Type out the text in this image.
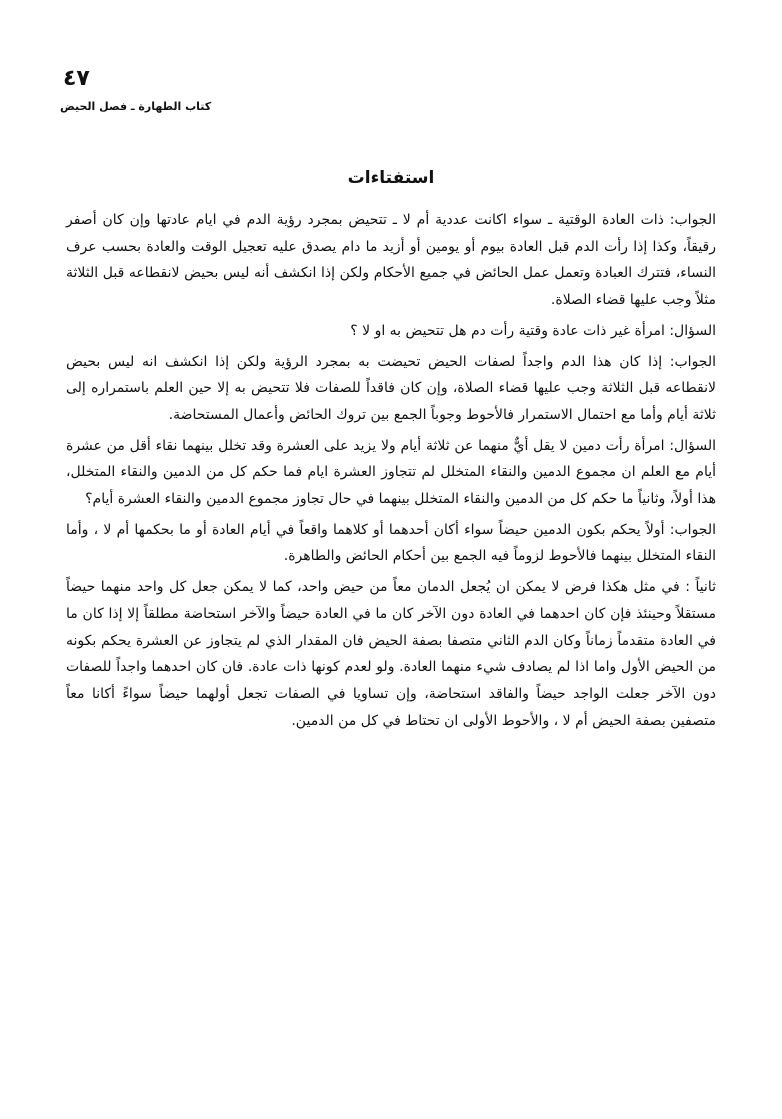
٤٧
كتاب الطهارة ـ فصل الحيض
استفتاءات

الجواب: ذات العادة الوقتية ـ سواء اكانت عددية أم لا ـ تتحيض بمجرد رؤية الدم في ايام عادتها وإن كان أصفر رقيقاً، وكذا إذا رأت الدم قبل العادة بيوم أو يومين أو أزيد ما دام يصدق عليه تعجيل الوقت والعادة بحسب عرف النساء، فتترك العبادة وتعمل عمل الحائض في جميع الأحكام ولكن إذا انكشف أنه ليس بحيض لانقطاعه قبل الثلاثة مثلاً وجب عليها قضاء الصلاة.

السؤال: امرأة غير ذات عادة وقتية رأت دم هل تتحيض به او لا ؟

الجواب: إذا كان هذا الدم واجداً لصفات الحيض تحيضت به بمجرد الرؤية ولكن إذا انكشف انه ليس بحيض لانقطاعه قبل الثلاثة وجب عليها قضاء الصلاة، وإن كان فاقداً للصفات فلا تتحيض به إلا حين العلم باستمراره إلى ثلاثة أيام وأما مع احتمال الاستمرار فالأحوط وجوباً الجمع بين تروك الحائض وأعمال المستحاضة.

السؤال: امرأة رأت دمين لا يقل أيٌّ منهما عن ثلاثة أيام ولا يزيد على العشرة وقد تخلل بينهما نقاء أقل من عشرة أيام مع العلم ان مجموع الدمين والنقاء المتخلل لم تتجاوز العشرة ايام فما حكم كل من الدمين والنقاء المتخلل، هذا أولاً، وثانياً ما حكم كل من الدمين والنقاء المتخلل بينهما في حال تجاوز مجموع الدمين والنقاء العشرة أيام؟

الجواب: أولاً يحكم بكون الدمين حيضاً سواء أكان أحدهما أو كلاهما واقعاً في أيام العادة أو ما بحكمها أم لا ، وأما النقاء المتخلل بينهما فالأحوط لزوماً فيه الجمع بين أحكام الحائض والطاهرة.

ثانياً : في مثل هكذا فرض لا يمكن ان يُجعل الدمان معاً من حيض واحد، كما لا يمكن جعل كل واحد منهما حيضاً مستقلاً وحينئذ فإن كان احدهما في العادة دون الآخر كان ما في العادة حيضاً والآخر استحاضة مطلقاً إلا إذا كان ما في العادة متقدماً زماناً وكان الدم الثاني متصفا بصفة الحيض فان المقدار الذي لم يتجاوز عن العشرة يحكم بكونه من الحيض الأول واما اذا لم يصادف شيء منهما العادة. ولو لعدم كونها ذات عادة. فان كان احدهما واجداً للصفات دون الآخر جعلت الواجد حيضاً والفاقد استحاضة، وإن تساويا في الصفات تجعل أولهما حيضاً سواءً أكانا معاً متصفين بصفة الحيض أم لا ، والأحوط الأولى ان تحتاط في كل من الدمين.
